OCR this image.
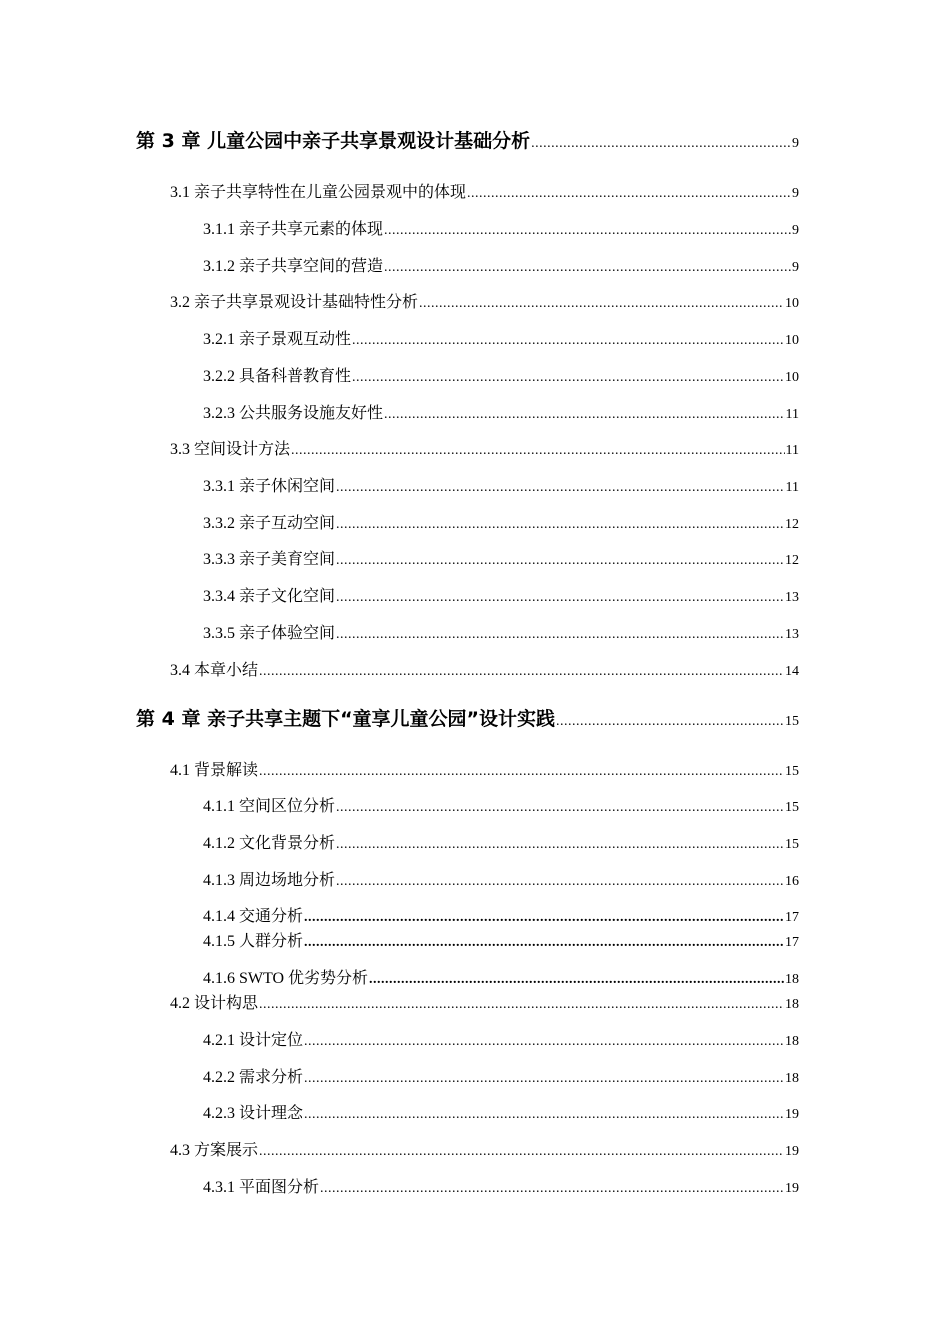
第 3 章 儿童公园中亲子共享景观设计基础分析 .....	9
3.1 亲子共享特性在儿童公园景观中的体现 .....	9
3.1.1 亲子共享元素的体现 .....	9
3.1.2 亲子共享空间的营造 .....	9
3.2 亲子共享景观设计基础特性分析 .....	10
3.2.1 亲子景观互动性 .....	10
3.2.2 具备科普教育性 .....	10
3.2.3 公共服务设施友好性 .....	11
3.3 空间设计方法 .....	11
3.3.1 亲子休闲空间 .....	11
3.3.2 亲子互动空间 .....	12
3.3.3 亲子美育空间 .....	12
3.3.4 亲子文化空间 .....	13
3.3.5 亲子体验空间 .....	13
3.4 本章小结 .....	14
第 4 章 亲子共享主题下“童享儿童公园”设计实践 .....	15
4.1 背景解读 .....	15
4.1.1 空间区位分析 .....	15
4.1.2 文化背景分析 .....	15
4.1.3 周边场地分析 .....	16
4.1.4 交通分析 .....	17
4.1.5 人群分析 .....	17
4.1.6 SWTO 优劣势分析 .....	18
4.2 设计构思 .....	18
4.2.1 设计定位 .....	18
4.2.2 需求分析 .....	18
4.2.3 设计理念 .....	19
4.3 方案展示 .....	19
4.3.1 平面图分析 .....	19
